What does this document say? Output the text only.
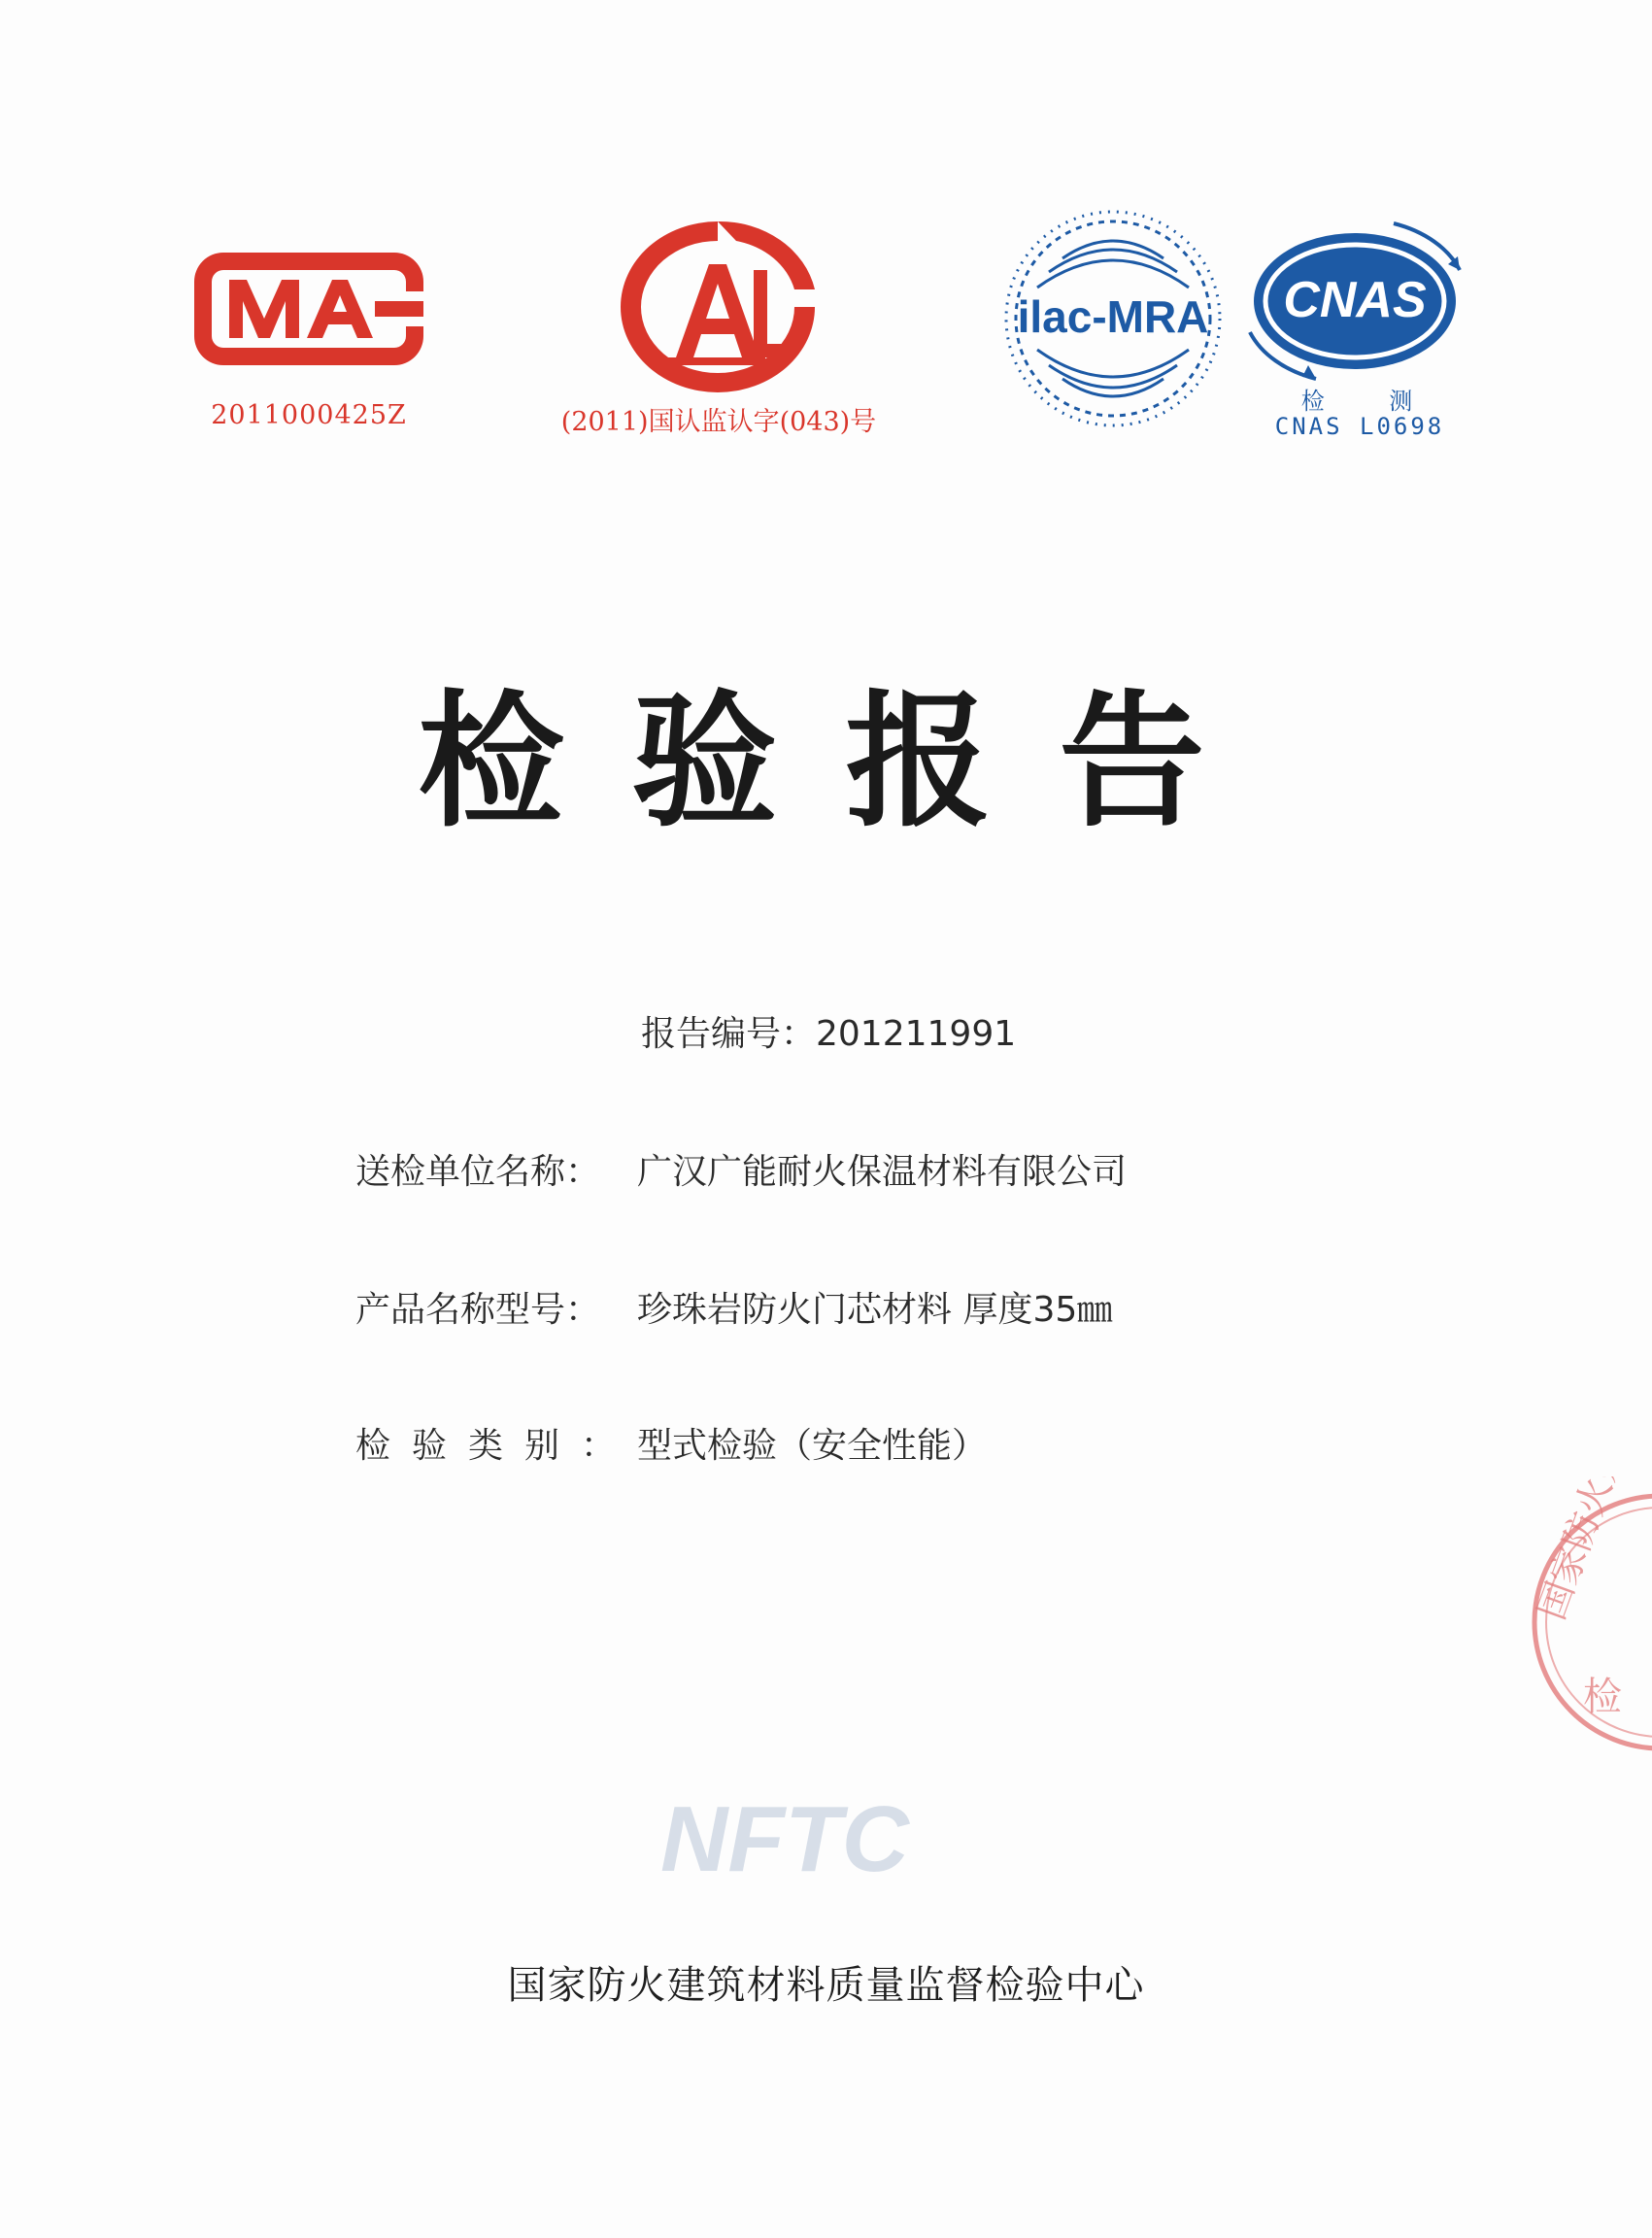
2011000425Z	(2011)国认监认字(043)号
ilac-MRA CNAS
检 测
CNAS L0698
检验报告
报告编号：201211991
送检单位名称： 广汉广能耐火保温材料有限公司
产品名称型号： 珍珠岩防火门芯材料 厚度35㎜
检验类别：型式检验（安全性能）	国家防火建
检
NFTC
国家防火建筑材料质量监督检验中心
